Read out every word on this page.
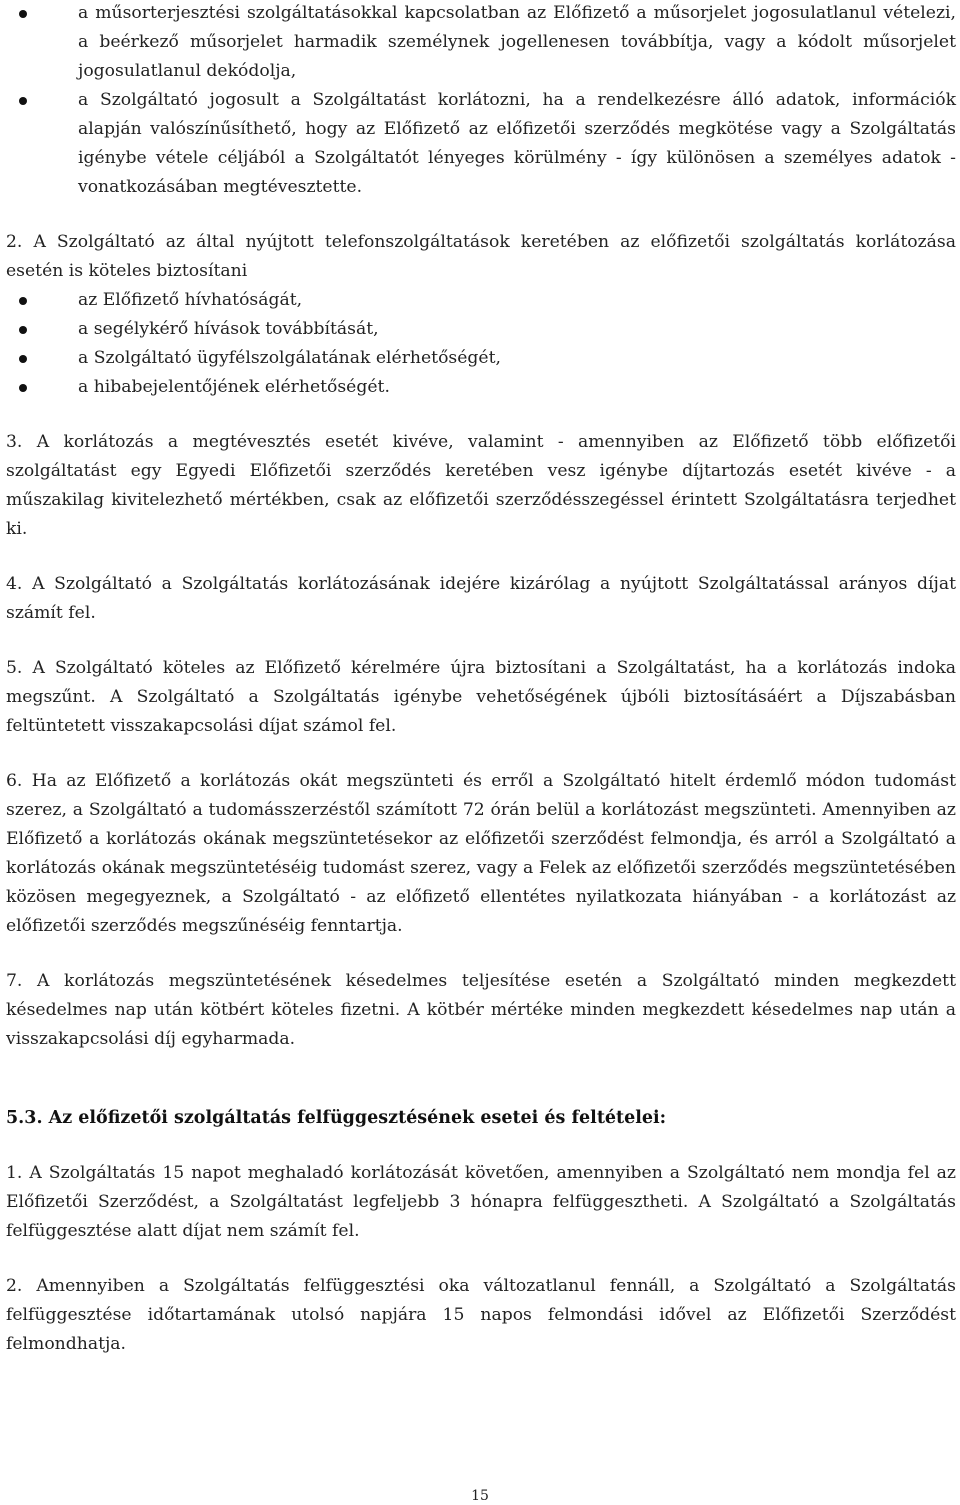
a műsorterjesztési szolgáltatásokkal kapcsolatban az Előfizető a műsorjelet jogosulatlanul vételezi, a beérkező műsorjelet harmadik személynek jogellenesen továbbítja, vagy a kódolt műsorjelet jogosulatlanul dekódolja,
a Szolgáltató jogosult a Szolgáltatást korlátozni, ha a rendelkezésre álló adatok, információk alapján valószínűsíthető, hogy az Előfizető az előfizetői szerződés megkötése vagy a Szolgáltatás igénybe vétele céljából a Szolgáltatót lényeges körülmény - így különösen a személyes adatok - vonatkozásában megtévesztette.

2. A Szolgáltató az által nyújtott telefonszolgáltatások keretében az előfizetői szolgáltatás korlátozása esetén is köteles biztosítani

az Előfizető hívhatóságát,
a segélykérő hívások továbbítását,
a Szolgáltató ügyfélszolgálatának elérhetőségét,
a hibabejelentőjének elérhetőségét.

3. A korlátozás a megtévesztés esetét kivéve, valamint - amennyiben az Előfizető több előfizetői szolgáltatást egy Egyedi Előfizetői szerződés keretében vesz igénybe díjtartozás esetét kivéve - a műszakilag kivitelezhető mértékben, csak az előfizetői szerződésszegéssel érintett Szolgáltatásra terjedhet ki.

4. A Szolgáltató a Szolgáltatás korlátozásának idejére kizárólag a nyújtott Szolgáltatással arányos díjat számít fel.

5. A Szolgáltató köteles az Előfizető kérelmére újra biztosítani a Szolgáltatást, ha a korlátozás indoka megszűnt. A Szolgáltató a Szolgáltatás igénybe vehetőségének újbóli biztosításáért a Díjszabásban feltüntetett visszakapcsolási díjat számol fel.

6. Ha az Előfizető a korlátozás okát megszünteti és erről a Szolgáltató hitelt érdemlő módon tudomást szerez, a Szolgáltató a tudomásszerzéstől számított 72 órán belül a korlátozást megszünteti. Amennyiben az Előfizető a korlátozás okának megszüntetésekor az előfizetői szerződést felmondja, és arról a Szolgáltató a korlátozás okának megszüntetéséig tudomást szerez, vagy a Felek az előfizetői szerződés megszüntetésében közösen megegyeznek, a Szolgáltató - az előfizető ellentétes nyilatkozata hiányában - a korlátozást az előfizetői szerződés megszűnéséig fenntartja.

7. A korlátozás megszüntetésének késedelmes teljesítése esetén a Szolgáltató minden megkezdett késedelmes nap után kötbért köteles fizetni. A kötbér mértéke minden megkezdett késedelmes nap után a visszakapcsolási díj egyharmada.

5.3. Az előfizetői szolgáltatás felfüggesztésének esetei és feltételei:

1. A Szolgáltatás 15 napot meghaladó korlátozását követően, amennyiben a Szolgáltató nem mondja fel az Előfizetői Szerződést, a Szolgáltatást legfeljebb 3 hónapra felfüggesztheti. A Szolgáltató a Szolgáltatás felfüggesztése alatt díjat nem számít fel.

2. Amennyiben a Szolgáltatás felfüggesztési oka változatlanul fennáll, a Szolgáltató a Szolgáltatás felfüggesztése időtartamának utolsó napjára 15 napos felmondási idővel az Előfizetői Szerződést felmondhatja.

15
